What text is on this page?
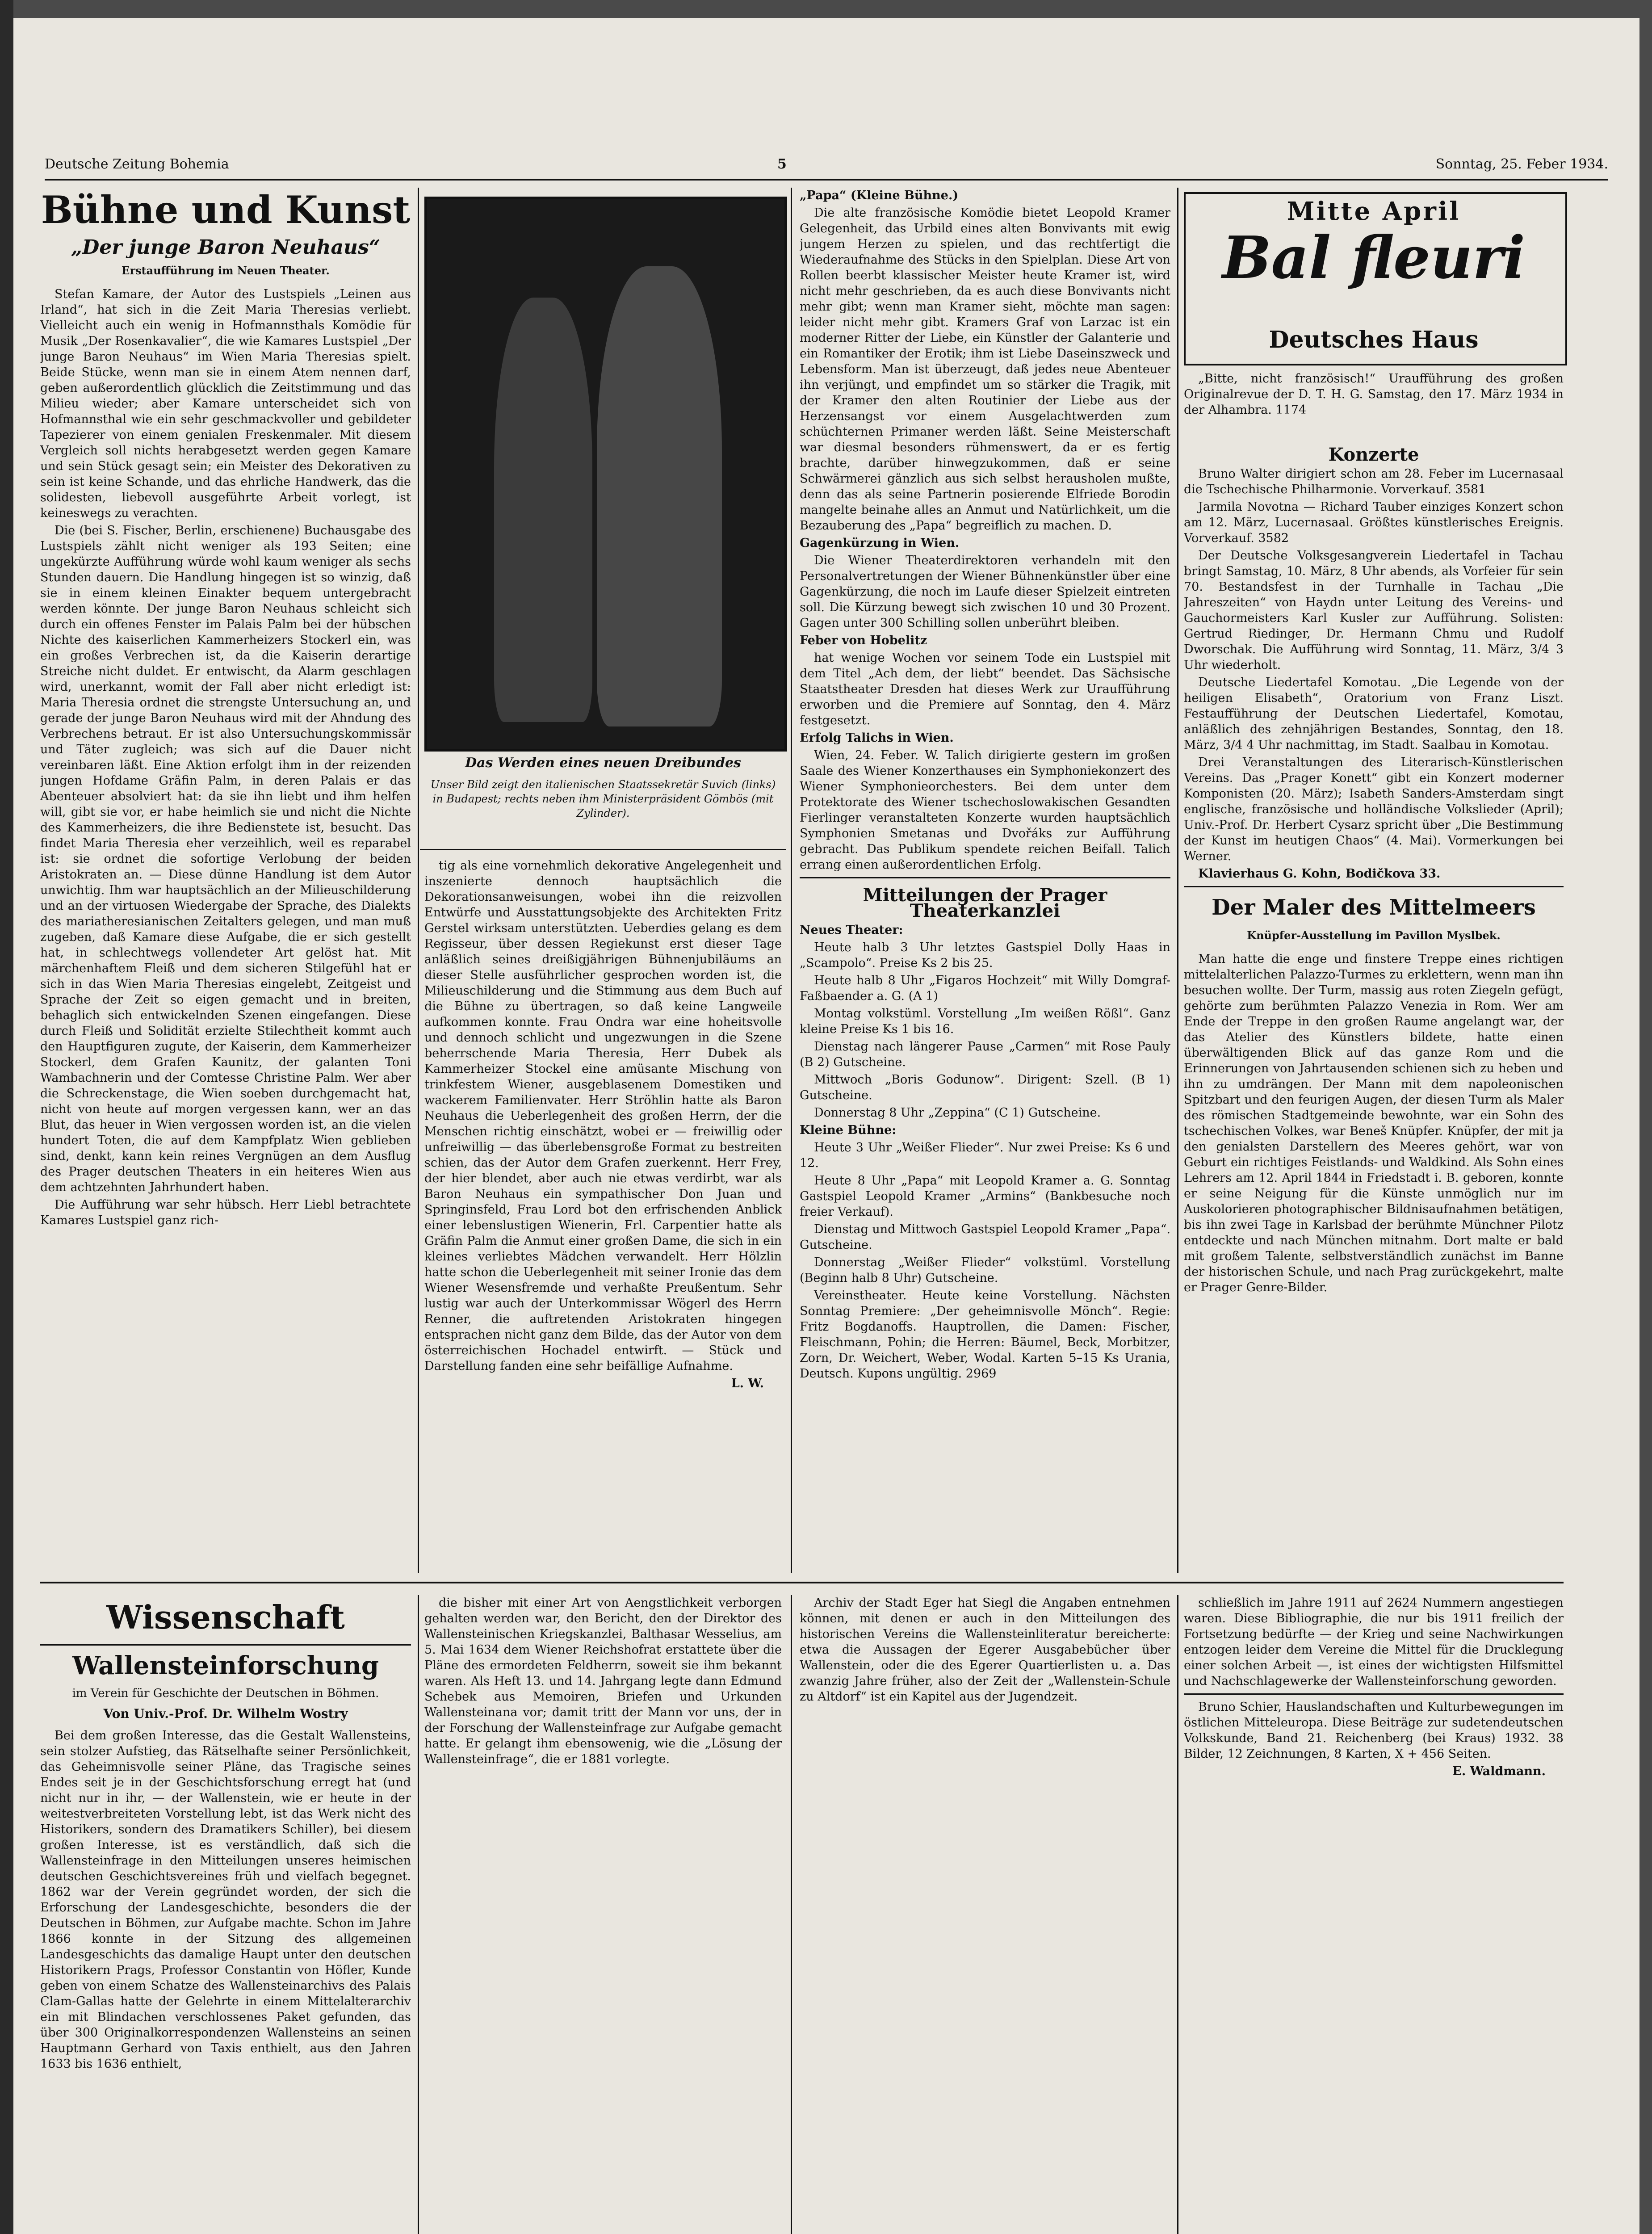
Deutsche Zeitung Bohemia	5	Sonntag, 25. Feber 1934.
Bühne und Kunst
„Der junge Baron Neuhaus“
Erstaufführung im Neuen Theater.

Stefan Kamare, der Autor des Lustspiels „Leinen aus Irland“, hat sich in die Zeit Maria Theresias verliebt. Vielleicht auch ein wenig in Hofmannsthals Komödie für Musik „Der Rosenkavalier“, die wie Kamares Lustspiel „Der junge Baron Neuhaus“ im Wien Maria Theresias spielt. Beide Stücke, wenn man sie in einem Atem nennen darf, geben außerordentlich glücklich die Zeitstimmung und das Milieu wieder; aber Kamare unterscheidet sich von Hofmannsthal wie ein sehr geschmackvoller und gebildeter Tapezierer von einem genialen Freskenmaler. Mit diesem Vergleich soll nichts herabgesetzt werden gegen Kamare und sein Stück gesagt sein; ein Meister des Dekorativen zu sein ist keine Schande, und das ehrliche Handwerk, das die solidesten, liebevoll ausgeführte Arbeit vorlegt, ist keineswegs zu verachten.

Die (bei S. Fischer, Berlin, erschienene) Buchausgabe des Lustspiels zählt nicht weniger als 193 Seiten; eine ungekürzte Aufführung würde wohl kaum weniger als sechs Stunden dauern. Die Handlung hingegen ist so winzig, daß sie in einem kleinen Einakter bequem untergebracht werden könnte. Der junge Baron Neuhaus schleicht sich durch ein offenes Fenster im Palais Palm bei der hübschen Nichte des kaiserlichen Kammerheizers Stockerl ein, was ein großes Verbrechen ist, da die Kaiserin derartige Streiche nicht duldet. Er entwischt, da Alarm geschlagen wird, unerkannt, womit der Fall aber nicht erledigt ist: Maria Theresia ordnet die strengste Untersuchung an, und gerade der junge Baron Neuhaus wird mit der Ahndung des Verbrechens betraut. Er ist also Untersuchungskommissär und Täter zugleich; was sich auf die Dauer nicht vereinbaren läßt. Eine Aktion erfolgt ihm in der reizenden jungen Hofdame Gräfin Palm, in deren Palais er das Abenteuer absolviert hat: da sie ihn liebt und ihm helfen will, gibt sie vor, er habe heimlich sie und nicht die Nichte des Kammerheizers, die ihre Bedienstete ist, besucht. Das findet Maria Theresia eher verzeihlich, weil es reparabel ist: sie ordnet die sofortige Verlobung der beiden Aristokraten an. — Diese dünne Handlung ist dem Autor unwichtig. Ihm war hauptsächlich an der Milieuschilderung und an der virtuosen Wiedergabe der Sprache, des Dialekts des mariatheresianischen Zeitalters gelegen, und man muß zugeben, daß Kamare diese Aufgabe, die er sich gestellt hat, in schlechtwegs vollendeter Art gelöst hat. Mit märchenhaftem Fleiß und dem sicheren Stilgefühl hat er sich in das Wien Maria Theresias eingelebt, Zeitgeist und Sprache der Zeit so eigen gemacht und in breiten, behaglich sich entwickelnden Szenen eingefangen. Diese durch Fleiß und Solidität erzielte Stilechtheit kommt auch den Hauptfiguren zugute, der Kaiserin, dem Kammerheizer Stockerl, dem Grafen Kaunitz, der galanten Toni Wambachnerin und der Comtesse Christine Palm. Wer aber die Schreckenstage, die Wien soeben durchgemacht hat, nicht von heute auf morgen vergessen kann, wer an das Blut, das heuer in Wien vergossen worden ist, an die vielen hundert Toten, die auf dem Kampfplatz Wien geblieben sind, denkt, kann kein reines Vergnügen an dem Ausflug des Prager deutschen Theaters in ein heiteres Wien aus dem achtzehnten Jahrhundert haben.

Die Aufführung war sehr hübsch. Herr Liebl betrachtete Kamares Lustspiel ganz rich-

Das Werden eines neuen Dreibundes
Unser Bild zeigt den italienischen Staatssekretär Suvich (links) in Budapest; rechts neben ihm Ministerpräsident Gömbös (mit Zylinder).

tig als eine vornehmlich dekorative Angelegenheit und inszenierte dennoch hauptsächlich die Dekorationsanweisungen, wobei ihn die reizvollen Entwürfe und Ausstattungsobjekte des Architekten Fritz Gerstel wirksam unterstützten. Ueberdies gelang es dem Regisseur, über dessen Regiekunst erst dieser Tage anläßlich seines dreißigjährigen Bühnenjubiläums an dieser Stelle ausführlicher gesprochen worden ist, die Milieuschilderung und die Stimmung aus dem Buch auf die Bühne zu übertragen, so daß keine Langweile aufkommen konnte. Frau Ondra war eine hoheitsvolle und dennoch schlicht und ungezwungen in die Szene beherrschende Maria Theresia, Herr Dubek als Kammerheizer Stockel eine amüsante Mischung von trinkfestem Wiener, ausgeblasenem Domestiken und wackerem Familienvater. Herr Ströhlin hatte als Baron Neuhaus die Ueberlegenheit des großen Herrn, der die Menschen richtig einschätzt, wobei er — freiwillig oder unfreiwillig — das überlebensgroße Format zu bestreiten schien, das der Autor dem Grafen zuerkennt. Herr Frey, der hier blendet, aber auch nie etwas verdirbt, war als Baron Neuhaus ein sympathischer Don Juan und Springinsfeld, Frau Lord bot den erfrischenden Anblick einer lebenslustigen Wienerin, Frl. Carpentier hatte als Gräfin Palm die Anmut einer großen Dame, die sich in ein kleines verliebtes Mädchen verwandelt. Herr Hölzlin hatte schon die Ueberlegenheit mit seiner Ironie das dem Wiener Wesensfremde und verhaßte Preußentum. Sehr lustig war auch der Unterkommissar Wögerl des Herrn Renner, die auftretenden Aristokraten hingegen entsprachen nicht ganz dem Bilde, das der Autor von dem österreichischen Hochadel entwirft. — Stück und Darstellung fanden eine sehr beifällige Aufnahme.

L. W.

„Papa“ (Kleine Bühne.)

Die alte französische Komödie bietet Leopold Kramer Gelegenheit, das Urbild eines alten Bonvivants mit ewig jungem Herzen zu spielen, und das rechtfertigt die Wiederaufnahme des Stücks in den Spielplan. Diese Art von Rollen beerbt klassischer Meister heute Kramer ist, wird nicht mehr geschrieben, da es auch diese Bonvivants nicht mehr gibt; wenn man Kramer sieht, möchte man sagen: leider nicht mehr gibt. Kramers Graf von Larzac ist ein moderner Ritter der Liebe, ein Künstler der Galanterie und ein Romantiker der Erotik; ihm ist Liebe Daseinszweck und Lebensform. Man ist überzeugt, daß jedes neue Abenteuer ihn verjüngt, und empfindet um so stärker die Tragik, mit der Kramer den alten Routinier der Liebe aus der Herzensangst vor einem Ausgelachtwerden zum schüchternen Primaner werden läßt. Seine Meisterschaft war diesmal besonders rühmenswert, da er es fertig brachte, darüber hinwegzukommen, daß er seine Schwärmerei gänzlich aus sich selbst herausholen mußte, denn das als seine Partnerin posierende Elfriede Borodin mangelte beinahe alles an Anmut und Natürlichkeit, um die Bezauberung des „Papa“ begreiflich zu machen. D.

Gagenkürzung in Wien.

Die Wiener Theaterdirektoren verhandeln mit den Personalvertretungen der Wiener Bühnenkünstler über eine Gagenkürzung, die noch im Laufe dieser Spielzeit eintreten soll. Die Kürzung bewegt sich zwischen 10 und 30 Prozent. Gagen unter 300 Schilling sollen unberührt bleiben.

Feber von Hobelitz

hat wenige Wochen vor seinem Tode ein Lustspiel mit dem Titel „Ach dem, der liebt“ beendet. Das Sächsische Staatstheater Dresden hat dieses Werk zur Uraufführung erworben und die Premiere auf Sonntag, den 4. März festgesetzt.

Erfolg Talichs in Wien.

Wien, 24. Feber. W. Talich dirigierte gestern im großen Saale des Wiener Konzerthauses ein Symphoniekonzert des Wiener Symphonieorchesters. Bei dem unter dem Protektorate des Wiener tschechoslowakischen Gesandten Fierlinger veranstalteten Konzerte wurden hauptsächlich Symphonien Smetanas und Dvořáks zur Aufführung gebracht. Das Publikum spendete reichen Beifall. Talich errang einen außerordentlichen Erfolg.

Mitteilungen der Prager Theaterkanzlei

Neues Theater:

Heute halb 3 Uhr letztes Gastspiel Dolly Haas in „Scampolo“. Preise Ks 2 bis 25.

Heute halb 8 Uhr „Figaros Hochzeit“ mit Willy Domgraf-Faßbaender a. G. (A 1)

Montag volkstüml. Vorstellung „Im weißen Rößl“. Ganz kleine Preise Ks 1 bis 16.

Dienstag nach längerer Pause „Carmen“ mit Rose Pauly (B 2) Gutscheine.

Mittwoch „Boris Godunow“. Dirigent: Szell. (B 1) Gutscheine.

Donnerstag 8 Uhr „Zeppina“ (C 1) Gutscheine.

Kleine Bühne:

Heute 3 Uhr „Weißer Flieder“. Nur zwei Preise: Ks 6 und 12.

Heute 8 Uhr „Papa“ mit Leopold Kramer a. G. Sonntag Gastspiel Leopold Kramer „Armins“ (Bankbesuche noch freier Verkauf).

Dienstag und Mittwoch Gastspiel Leopold Kramer „Papa“. Gutscheine.

Donnerstag „Weißer Flieder“ volkstüml. Vorstellung (Beginn halb 8 Uhr) Gutscheine.

Vereinstheater. Heute keine Vorstellung. Nächsten Sonntag Premiere: „Der geheimnisvolle Mönch“. Regie: Fritz Bogdanoffs. Hauptrollen, die Damen: Fischer, Fleischmann, Pohin; die Herren: Bäumel, Beck, Morbitzer, Zorn, Dr. Weichert, Weber, Wodal. Karten 5–15 Ks Urania, Deutsch. Kupons ungültig. 2969

Mitte April
Bal fleuri
Deutsches Haus

„Bitte, nicht französisch!“ Uraufführung des großen Originalrevue der D. T. H. G. Samstag, den 17. März 1934 in der Alhambra. 1174

Konzerte

Bruno Walter dirigiert schon am 28. Feber im Lucernasaal die Tschechische Philharmonie. Vorverkauf. 3581

Jarmila Novotna — Richard Tauber einziges Konzert schon am 12. März, Lucernasaal. Größtes künstlerisches Ereignis. Vorverkauf. 3582

Der Deutsche Volksgesangverein Liedertafel in Tachau bringt Samstag, 10. März, 8 Uhr abends, als Vorfeier für sein 70. Bestandsfest in der Turnhalle in Tachau „Die Jahreszeiten“ von Haydn unter Leitung des Vereins- und Gauchormeisters Karl Kusler zur Aufführung. Solisten: Gertrud Riedinger, Dr. Hermann Chmu und Rudolf Dworschak. Die Aufführung wird Sonntag, 11. März, 3/4 3 Uhr wiederholt.

Deutsche Liedertafel Komotau. „Die Legende von der heiligen Elisabeth“, Oratorium von Franz Liszt. Festaufführung der Deutschen Liedertafel, Komotau, anläßlich des zehnjährigen Bestandes, Sonntag, den 18. März, 3/4 4 Uhr nachmittag, im Stadt. Saalbau in Komotau.

Drei Veranstaltungen des Literarisch-Künstlerischen Vereins. Das „Prager Konett“ gibt ein Konzert moderner Komponisten (20. März); Isabeth Sanders-Amsterdam singt englische, französische und holländische Volkslieder (April); Univ.-Prof. Dr. Herbert Cysarz spricht über „Die Bestimmung der Kunst im heutigen Chaos“ (4. Mai). Vormerkungen bei Werner.

Klavierhaus G. Kohn, Bodičkova 33.

Der Maler des Mittelmeers
Knüpfer-Ausstellung im Pavillon Myslbek.

Man hatte die enge und finstere Treppe eines richtigen mittelalterlichen Palazzo-Turmes zu erklettern, wenn man ihn besuchen wollte. Der Turm, massig aus roten Ziegeln gefügt, gehörte zum berühmten Palazzo Venezia in Rom. Wer am Ende der Treppe in den großen Raume angelangt war, der das Atelier des Künstlers bildete, hatte einen überwältigenden Blick auf das ganze Rom und die Erinnerungen von Jahrtausenden schienen sich zu heben und ihn zu umdrängen. Der Mann mit dem napoleonischen Spitzbart und den feurigen Augen, der diesen Turm als Maler des römischen Stadtgemeinde bewohnte, war ein Sohn des tschechischen Volkes, war Beneš Knüpfer. Knüpfer, der mit ja den genialsten Darstellern des Meeres gehört, war von Geburt ein richtiges Feistlands- und Waldkind. Als Sohn eines Lehrers am 12. April 1844 in Friedstadt i. B. geboren, konnte er seine Neigung für die Künste unmöglich nur im Auskolorieren photographischer Bildnisaufnahmen betätigen, bis ihn zwei Tage in Karlsbad der berühmte Münchner Pilotz entdeckte und nach München mitnahm. Dort malte er bald mit großem Talente, selbstverständlich zunächst im Banne der historischen Schule, und nach Prag zurückgekehrt, malte er Prager Genre-Bilder.

Wissenschaft
Wallensteinforschung
im Verein für Geschichte der Deutschen in Böhmen.
Von Univ.-Prof. Dr. Wilhelm Wostry

Bei dem großen Interesse, das die Gestalt Wallensteins, sein stolzer Aufstieg, das Rätselhafte seiner Persönlichkeit, das Geheimnisvolle seiner Pläne, das Tragische seines Endes seit je in der Geschichtsforschung erregt hat (und nicht nur in ihr, — der Wallenstein, wie er heute in der weitestverbreiteten Vorstellung lebt, ist das Werk nicht des Historikers, sondern des Dramatikers Schiller), bei diesem großen Interesse, ist es verständlich, daß sich die Wallensteinfrage in den Mitteilungen unseres heimischen deutschen Geschichtsvereines früh und vielfach begegnet. 1862 war der Verein gegründet worden, der sich die Erforschung der Landesgeschichte, besonders die der Deutschen in Böhmen, zur Aufgabe machte. Schon im Jahre 1866 konnte in der Sitzung des allgemeinen Landesgeschichts das damalige Haupt unter den deutschen Historikern Prags, Professor Constantin von Höfler, Kunde geben von einem Schatze des Wallensteinarchivs des Palais Clam-Gallas hatte der Gelehrte in einem Mittelalterarchiv ein mit Blindachen verschlossenes Paket gefunden, das über 300 Originalkorrespondenzen Wallensteins an seinen Hauptmann Gerhard von Taxis enthielt, aus den Jahren 1633 bis 1636 enthielt,

die bisher mit einer Art von Aengstlichkeit verborgen gehalten werden war, den Bericht, den der Direktor des Wallensteinischen Kriegskanzlei, Balthasar Wesselius, am 5. Mai 1634 dem Wiener Reichshofrat erstattete über die Pläne des ermordeten Feldherrn, soweit sie ihm bekannt waren. Als Heft 13. und 14. Jahrgang legte dann Edmund Schebek aus Memoiren, Briefen und Urkunden Wallensteinana vor; damit tritt der Mann vor uns, der in der Forschung der Wallensteinfrage zur Aufgabe gemacht hatte. Er gelangt ihm ebensowenig, wie die „Lösung der Wallensteinfrage“, die er 1881 vorlegte.

Archiv der Stadt Eger hat Siegl die Angaben entnehmen können, mit denen er auch in den Mitteilungen des historischen Vereins die Wallensteinliteratur bereicherte: etwa die Aussagen der Egerer Ausgabebücher über Wallenstein, oder die des Egerer Quartierlisten u. a. Das zwanzig Jahre früher, also der Zeit der „Wallenstein-Schule zu Altdorf“ ist ein Kapitel aus der Jugendzeit.

schließlich im Jahre 1911 auf 2624 Nummern angestiegen waren. Diese Bibliographie, die nur bis 1911 freilich der Fortsetzung bedürfte — der Krieg und seine Nachwirkungen entzogen leider dem Vereine die Mittel für die Drucklegung einer solchen Arbeit —, ist eines der wichtigsten Hilfsmittel und Nachschlagewerke der Wallensteinforschung geworden.

Bruno Schier, Hauslandschaften und Kulturbewegungen im östlichen Mitteleuropa. Diese Beiträge zur sudetendeutschen Volkskunde, Band 21. Reichenberg (bei Kraus) 1932. 38 Bilder, 12 Zeichnungen, 8 Karten, X + 456 Seiten.

E. Waldmann.
